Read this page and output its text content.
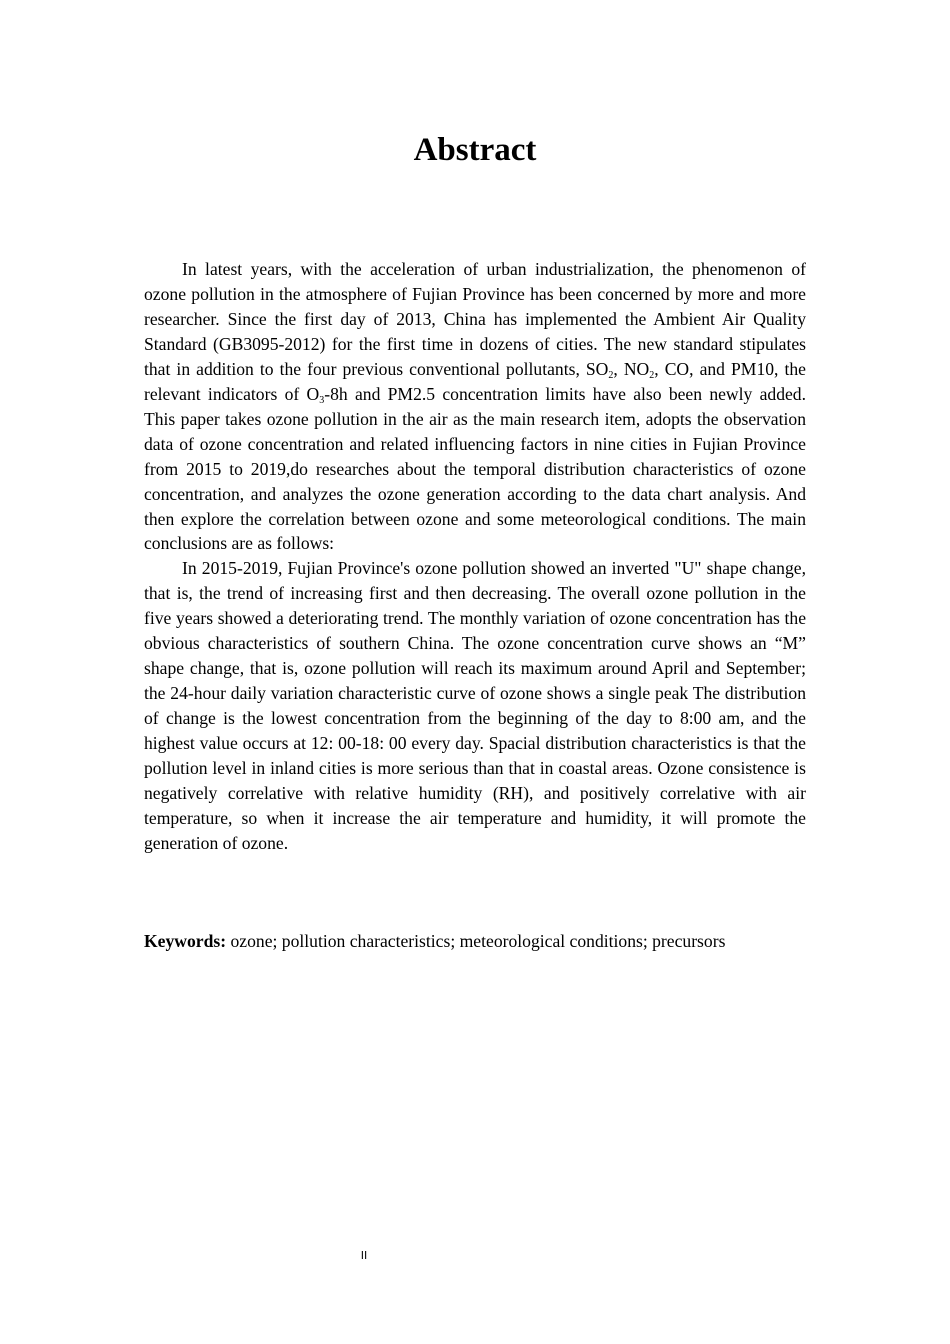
Abstract

In latest years, with the acceleration of urban industrialization, the phenomenon of ozone pollution in the atmosphere of Fujian Province has been concerned by more and more researcher. Since the first day of 2013, China has implemented the Ambient Air Quality Standard (GB3095-2012) for the first time in dozens of cities. The new standard stipulates that in addition to the four previous conventional pollutants, $SO_2$, $NO_2$, CO, and PM10, the relevant indicators of $O_3-8h$ and PM2.5 concentration limits have also been newly added. This paper takes ozone pollution in the air as the main research item, adopts the observation data of ozone concentration and related influencing factors in nine cities in Fujian Province from 2015 to 2019,do researches about the temporal distribution characteristics of ozone concentration, and analyzes the ozone generation according to the data chart analysis. And then explore the correlation between ozone and some meteorological conditions. The main conclusions are as follows:

In 2015-2019, Fujian Province's ozone pollution showed an inverted "U" shape change, that is, the trend of increasing first and then decreasing. The overall ozone pollution in the five years showed a deteriorating trend. The monthly variation of ozone concentration has the obvious characteristics of southern China. The ozone concentration curve shows an “M” shape change, that is, ozone pollution will reach its maximum around April and September; the 24-hour daily variation characteristic curve of ozone shows a single peak The distribution of change is the lowest concentration from the beginning of the day to 8:00 am, and the highest value occurs at 12: 00-18: 00 every day. Spacial distribution characteristics is that the pollution level in inland cities is more serious than that in coastal areas. Ozone consistence is negatively correlative with relative humidity (RH), and positively correlative with air temperature, so when it increase the air temperature and humidity, it will promote the generation of ozone.

Keywords: ozone; pollution characteristics; meteorological conditions; precursors
II
